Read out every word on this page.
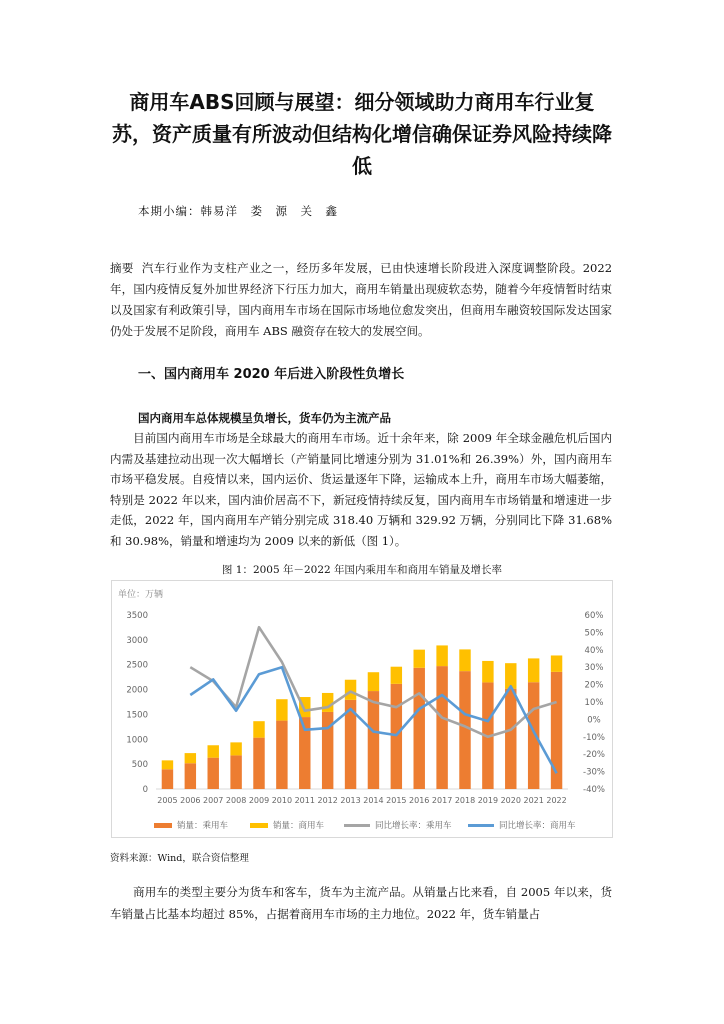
商用车ABS回顾与展望：细分领域助力商用车行业复苏，资产质量有所波动但结构化增信确保证券风险持续降低
本期小编：韩易洋　娄　源　关　鑫
摘要 汽车行业作为支柱产业之一，经历多年发展，已由快速增长阶段进入深度调整阶段。2022 年，国内疫情反复外加世界经济下行压力加大，商用车销量出现疲软态势，随着今年疫情暂时结束以及国家有利政策引导，国内商用车市场在国际市场地位愈发突出，但商用车融资较国际发达国家仍处于发展不足阶段，商用车 ABS 融资存在较大的发展空间。
一、国内商用车 2020 年后进入阶段性负增长
国内商用车总体规模呈负增长，货车仍为主流产品
目前国内商用车市场是全球最大的商用车市场。近十余年来，除 2009 年全球金融危机后国内内需及基建拉动出现一次大幅增长（产销量同比增速分别为 31.01%和 26.39%）外，国内商用车市场平稳发展。自疫情以来，国内运价、货运量逐年下降，运输成本上升，商用车市场大幅萎缩，特别是 2022 年以来，国内油价居高不下，新冠疫情持续反复，国内商用车市场销量和增速进一步走低，2022 年，国内商用车产销分别完成 318.40 万辆和 329.92 万辆，分别同比下降 31.68%和 30.98%，销量和增速均为 2009 以来的新低（图 1）。
图 1：2005 年－2022 年国内乘用车和商用车销量及增长率
0
500
1000
1500
2000
2500
3000
3500
-40%
-30%
-20%
-10%
0%
10%
20%
30%
40%
50%
60%
2005 2006 2007 2008 2009 2010 2011 2012 2013 2014 2015 2016 2017 2018 2019 2020 2021 2022
单位：万辆
销量：乘用车	销量：商用车	同比增长率：乘用车	同比增长率：商用车
资料来源：Wind，联合资信整理
商用车的类型主要分为货车和客车，货车为主流产品。从销量占比来看，自 2005 年以来，货车销量占比基本均超过 85%，占据着商用车市场的主力地位。2022 年，货车销量占
